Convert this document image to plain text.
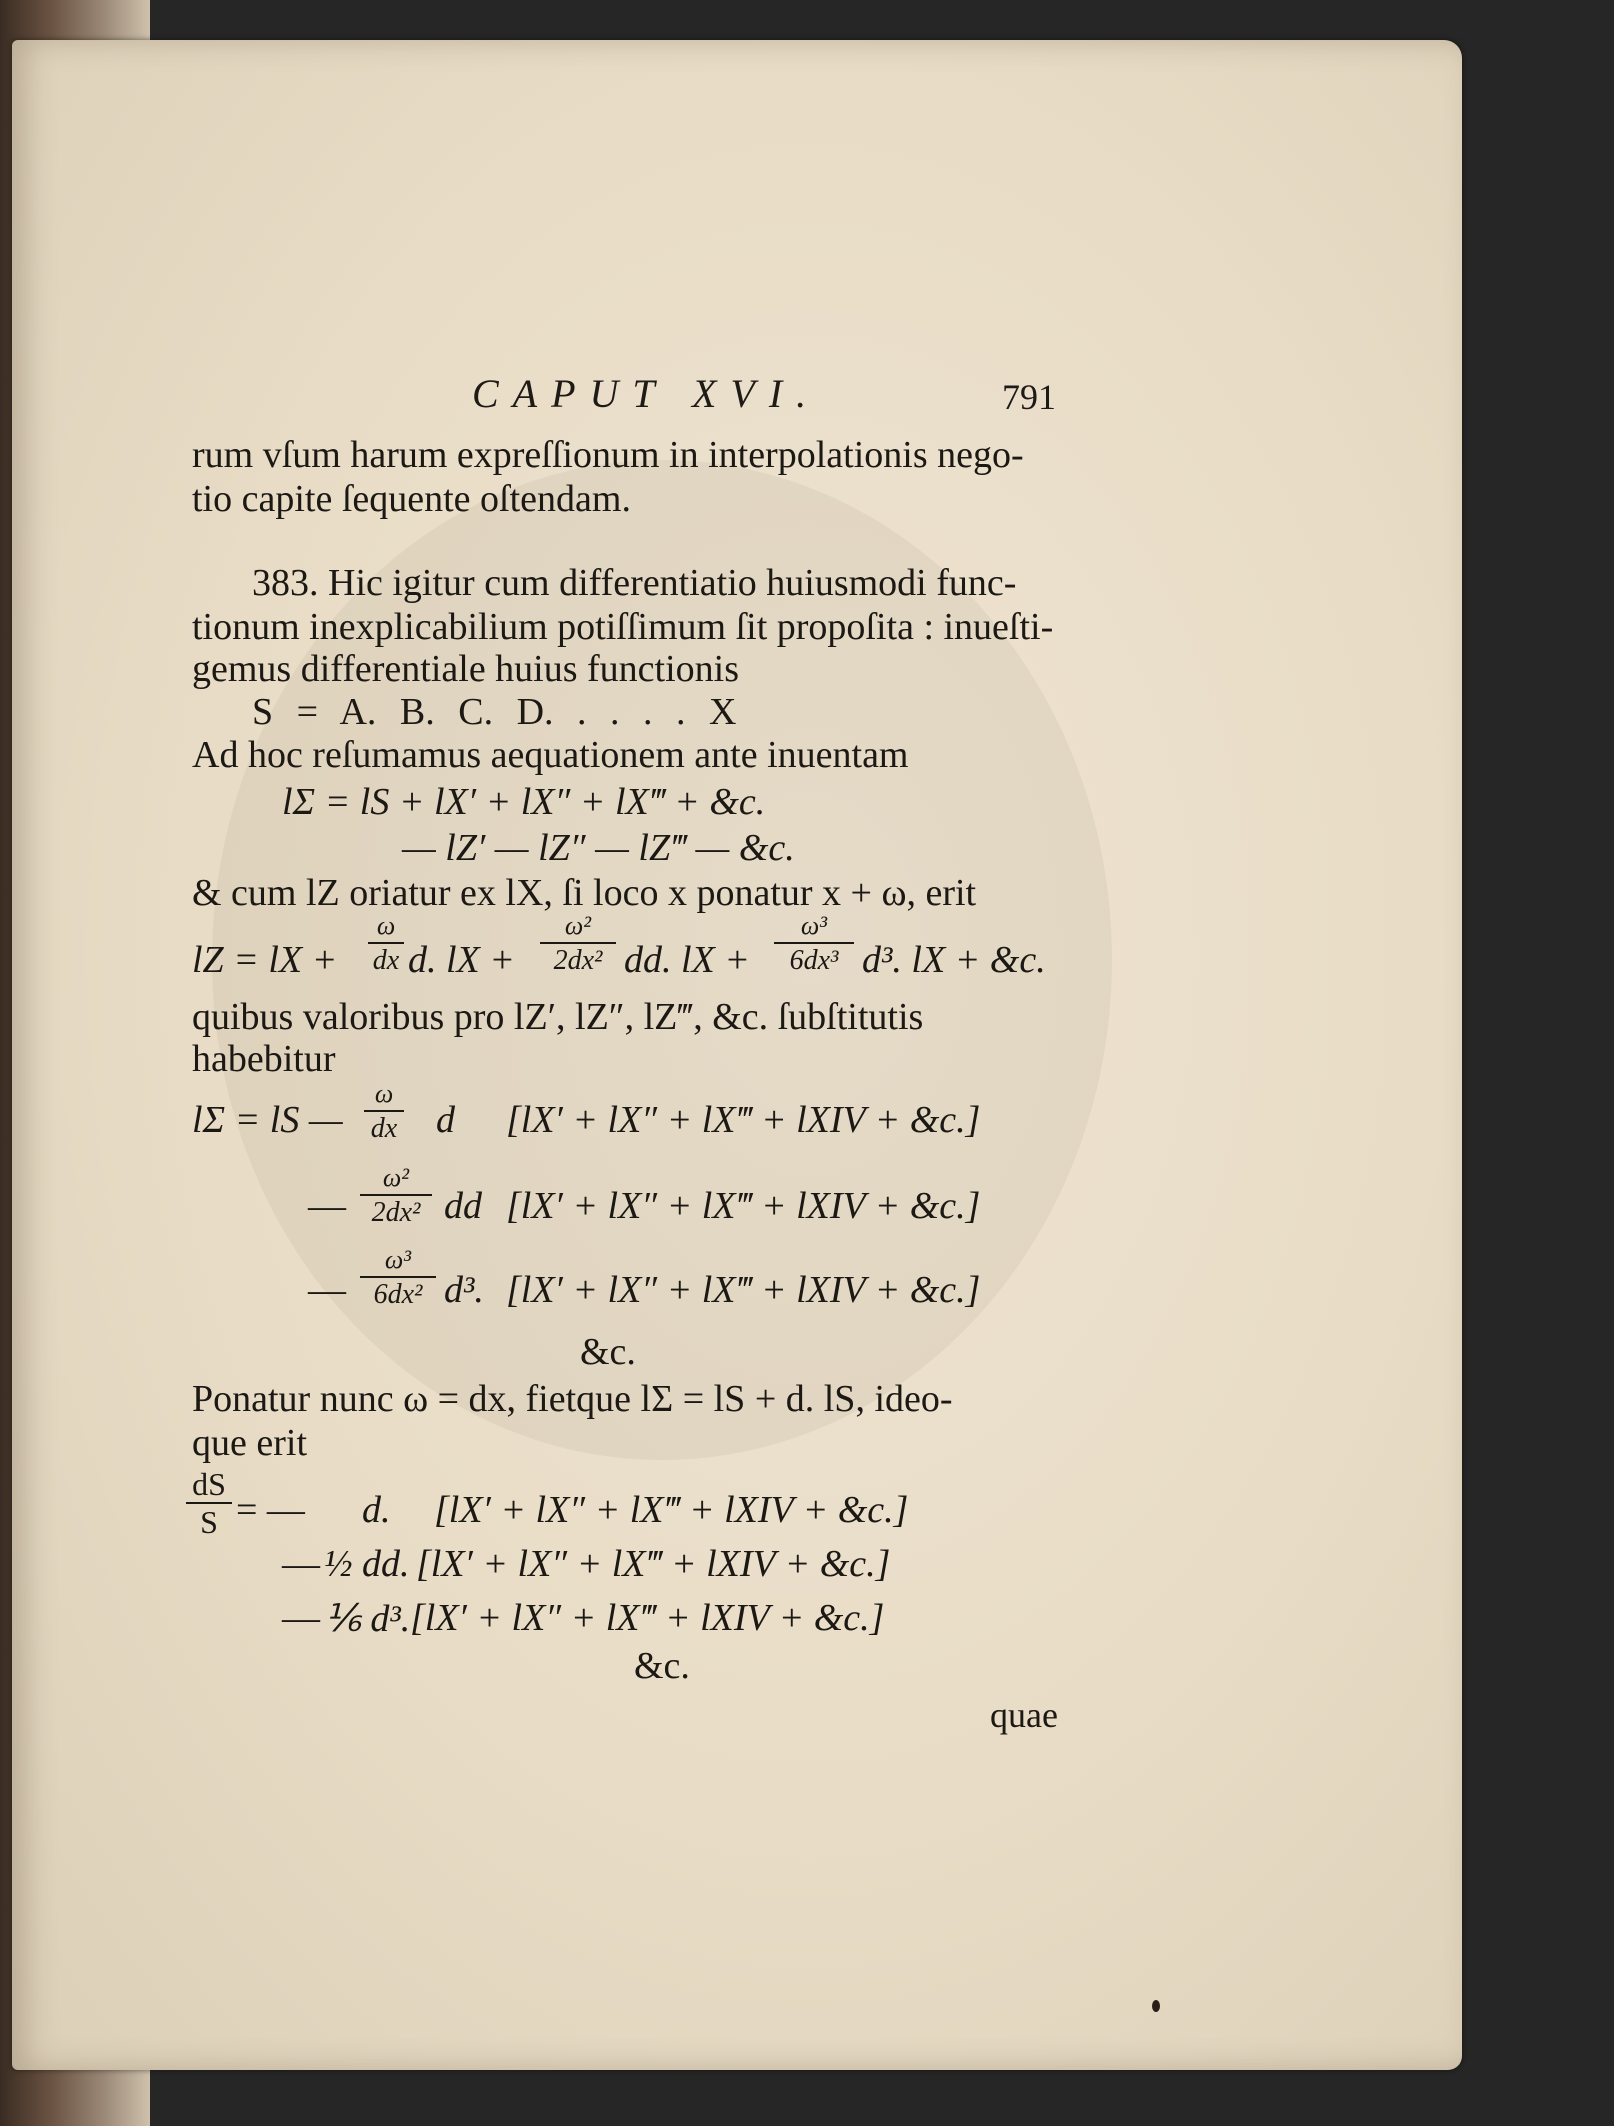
CAPUT XVI.	791
rum vſum harum expreſſionum in interpolationis nego-
tio capite ſequente oſtendam.
383. Hic igitur cum differentiatio huiusmodi func-
tionum inexplicabilium potiſſimum ſit propoſita : inueſti-
gemus differentiale huius functionis
S = A. B. C. D. . . . . X
Ad hoc reſumamus aequationem ante inuentam
lΣ = lS + lX′ + lX″ + lX‴ + &c.
— lZ′ — lZ″ — lZ‴ — &c.
& cum lZ oriatur ex lX, ſi loco x ponatur x + ω, erit
lZ = lX +
ω
dx d. lX +
ω²
2dx² dd. lX +
ω³
6dx³ d³. lX + &c.
quibus valoribus pro lZ′, lZ″, lZ‴, &c. ſubſtitutis
habebitur
lΣ = lS —
ω
dx d [lX′ + lX″ + lX‴ + lXIV + &c.]
—
ω²
2dx² dd [lX′ + lX″ + lX‴ + lXIV + &c.]
—
ω³
6dx² d³. [lX′ + lX″ + lX‴ + lXIV + &c.]
&c.
Ponatur nunc ω = dx, fietque lΣ = lS + d. lS, ideo-
que erit
dS
S = — d. [lX′ + lX″ + lX‴ + lXIV + &c.]
— ½ dd. [lX′ + lX″ + lX‴ + lXIV + &c.]
— ⅙ d³. [lX′ + lX″ + lX‴ + lXIV + &c.]
&c.
quae
